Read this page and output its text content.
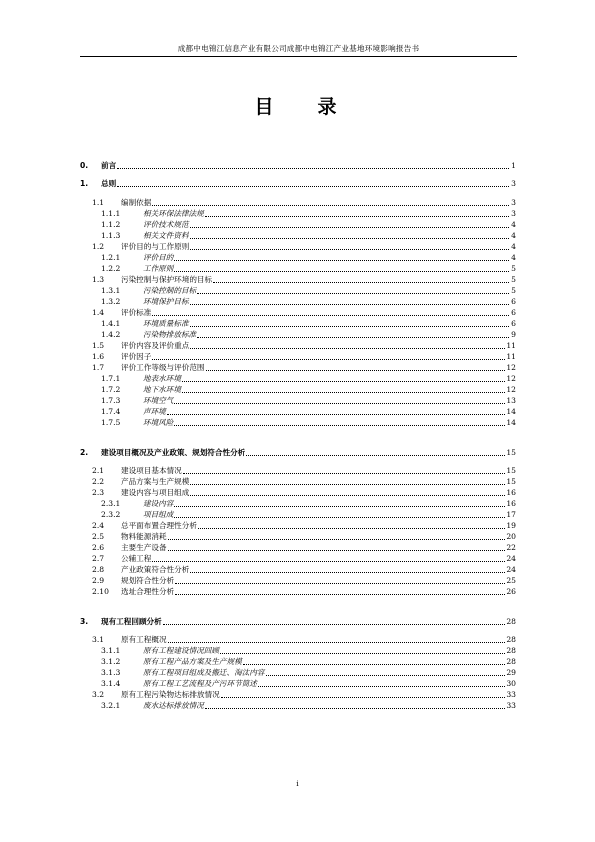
成都中电锦江信息产业有限公司成都中电锦江产业基地环境影响报告书
目 录
0.	前言	1
1.	总则	3
1.1	编制依据	3
1.1.1	相关环保法律法规	3
1.1.2	评价技术规范	4
1.1.3	相关文件资料	4
1.2	评价目的与工作原则	4
1.2.1	评价目的	4
1.2.2	工作原则	5
1.3	污染控制与保护环境的目标	5
1.3.1	污染控制的目标	5
1.3.2	环境保护目标	6
1.4	评价标准	6
1.4.1	环境质量标准	6
1.4.2	污染物排放标准	9
1.5	评价内容及评价重点	11
1.6	评价因子	11
1.7	评价工作等级与评价范围	12
1.7.1	地表水环境	12
1.7.2	地下水环境	12
1.7.3	环境空气	13
1.7.4	声环境	14
1.7.5	环境风险	14
2.	建设项目概况及产业政策、规划符合性分析	15
2.1	建设项目基本情况	15
2.2	产品方案与生产规模	15
2.3	建设内容与项目组成	16
2.3.1	建设内容	16
2.3.2	项目组成	17
2.4	总平面布置合理性分析	19
2.5	物料能源消耗	20
2.6	主要生产设备	22
2.7	公辅工程	24
2.8	产业政策符合性分析	24
2.9	规划符合性分析	25
2.10	选址合理性分析	26
3.	现有工程回顾分析	28
3.1	原有工程概况	28
3.1.1	原有工程建设情况回顾	28
3.1.2	原有工程产品方案及生产规模	28
3.1.3	原有工程项目组成及搬迁、淘汰内容	29
3.1.4	原有工程工艺流程及产污环节简述	30
3.2	原有工程污染物达标排放情况	33
3.2.1	废水达标排放情况	33
i
